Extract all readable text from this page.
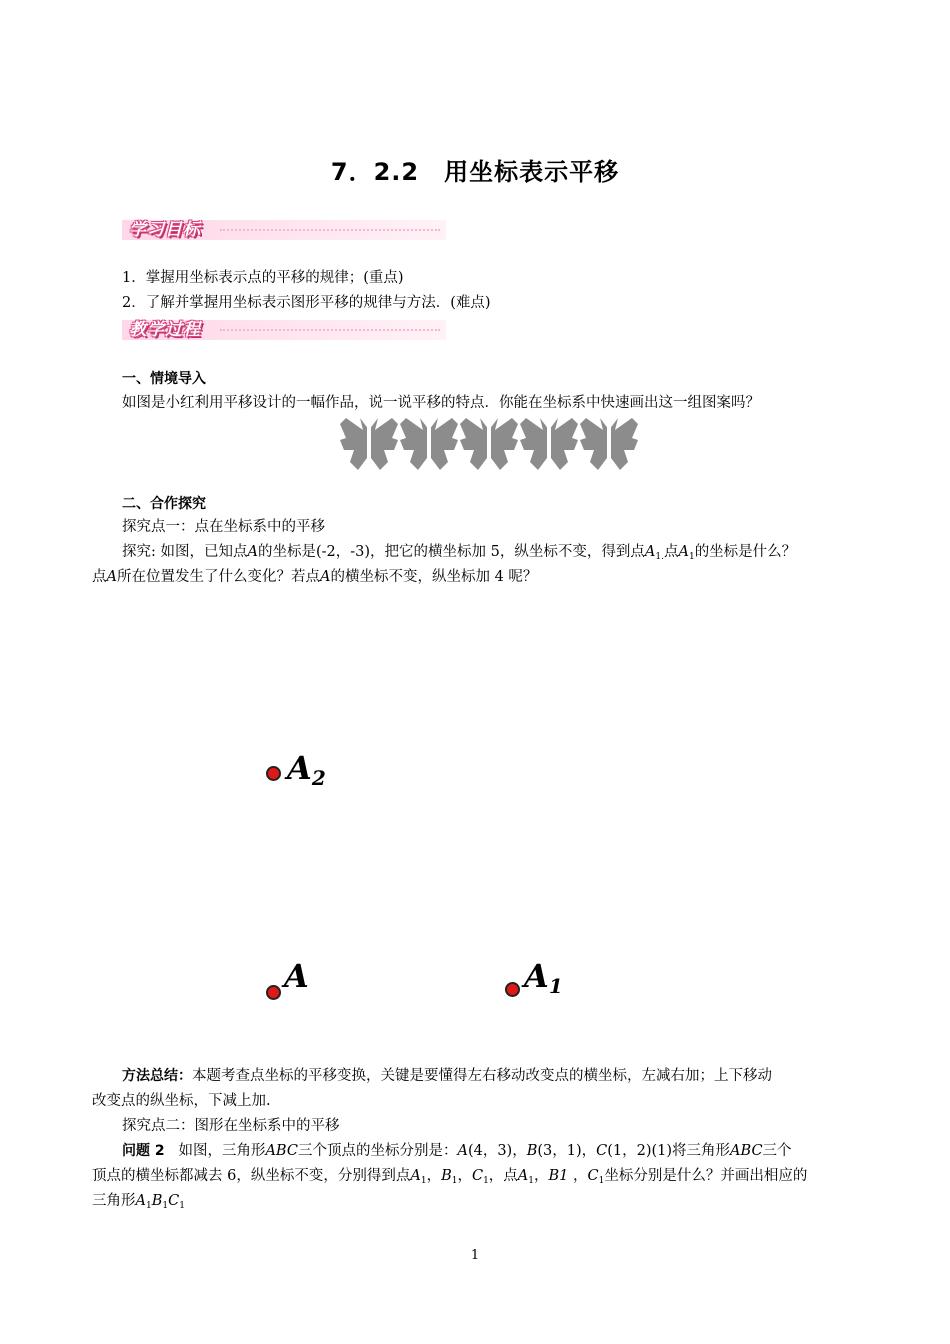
7．2.2　用坐标表示平移
学习目标
1．掌握用坐标表示点的平移的规律；(重点)
2．了解并掌握用坐标表示图形平移的规律与方法．(难点)
教学过程
一、情境导入
如图是小红利用平移设计的一幅作品，说一说平移的特点．你能在坐标系中快速画出这一组图案吗？
二、合作探究
探究点一：点在坐标系中的平移
探究: 如图，已知点A的坐标是(-2，-3)，把它的横坐标加 5，纵坐标不变，得到点$A_{1.}$点$A_1$的坐标是什么？
点A所在位置发生了什么变化？若点A的横坐标不变，纵坐标加 4 呢？
$A_2$
A	$A_1$
方法总结：本题考查点坐标的平移变换，关键是要懂得左右移动改变点的横坐标，左减右加；上下移动
改变点的纵坐标，下减上加.
探究点二：图形在坐标系中的平移
问题 2 如图，三角形ABC三个顶点的坐标分别是：A(4，3)，B(3，1)，C(1，2)(1)将三角形ABC三个
顶点的横坐标都减去 6，纵坐标不变，分别得到点$A_1$，$B_1$，$C_1$，点$A_1$，B1 ，$C_1$坐标分别是什么？并画出相应的
三角形$A_1B_1C_1$
1
